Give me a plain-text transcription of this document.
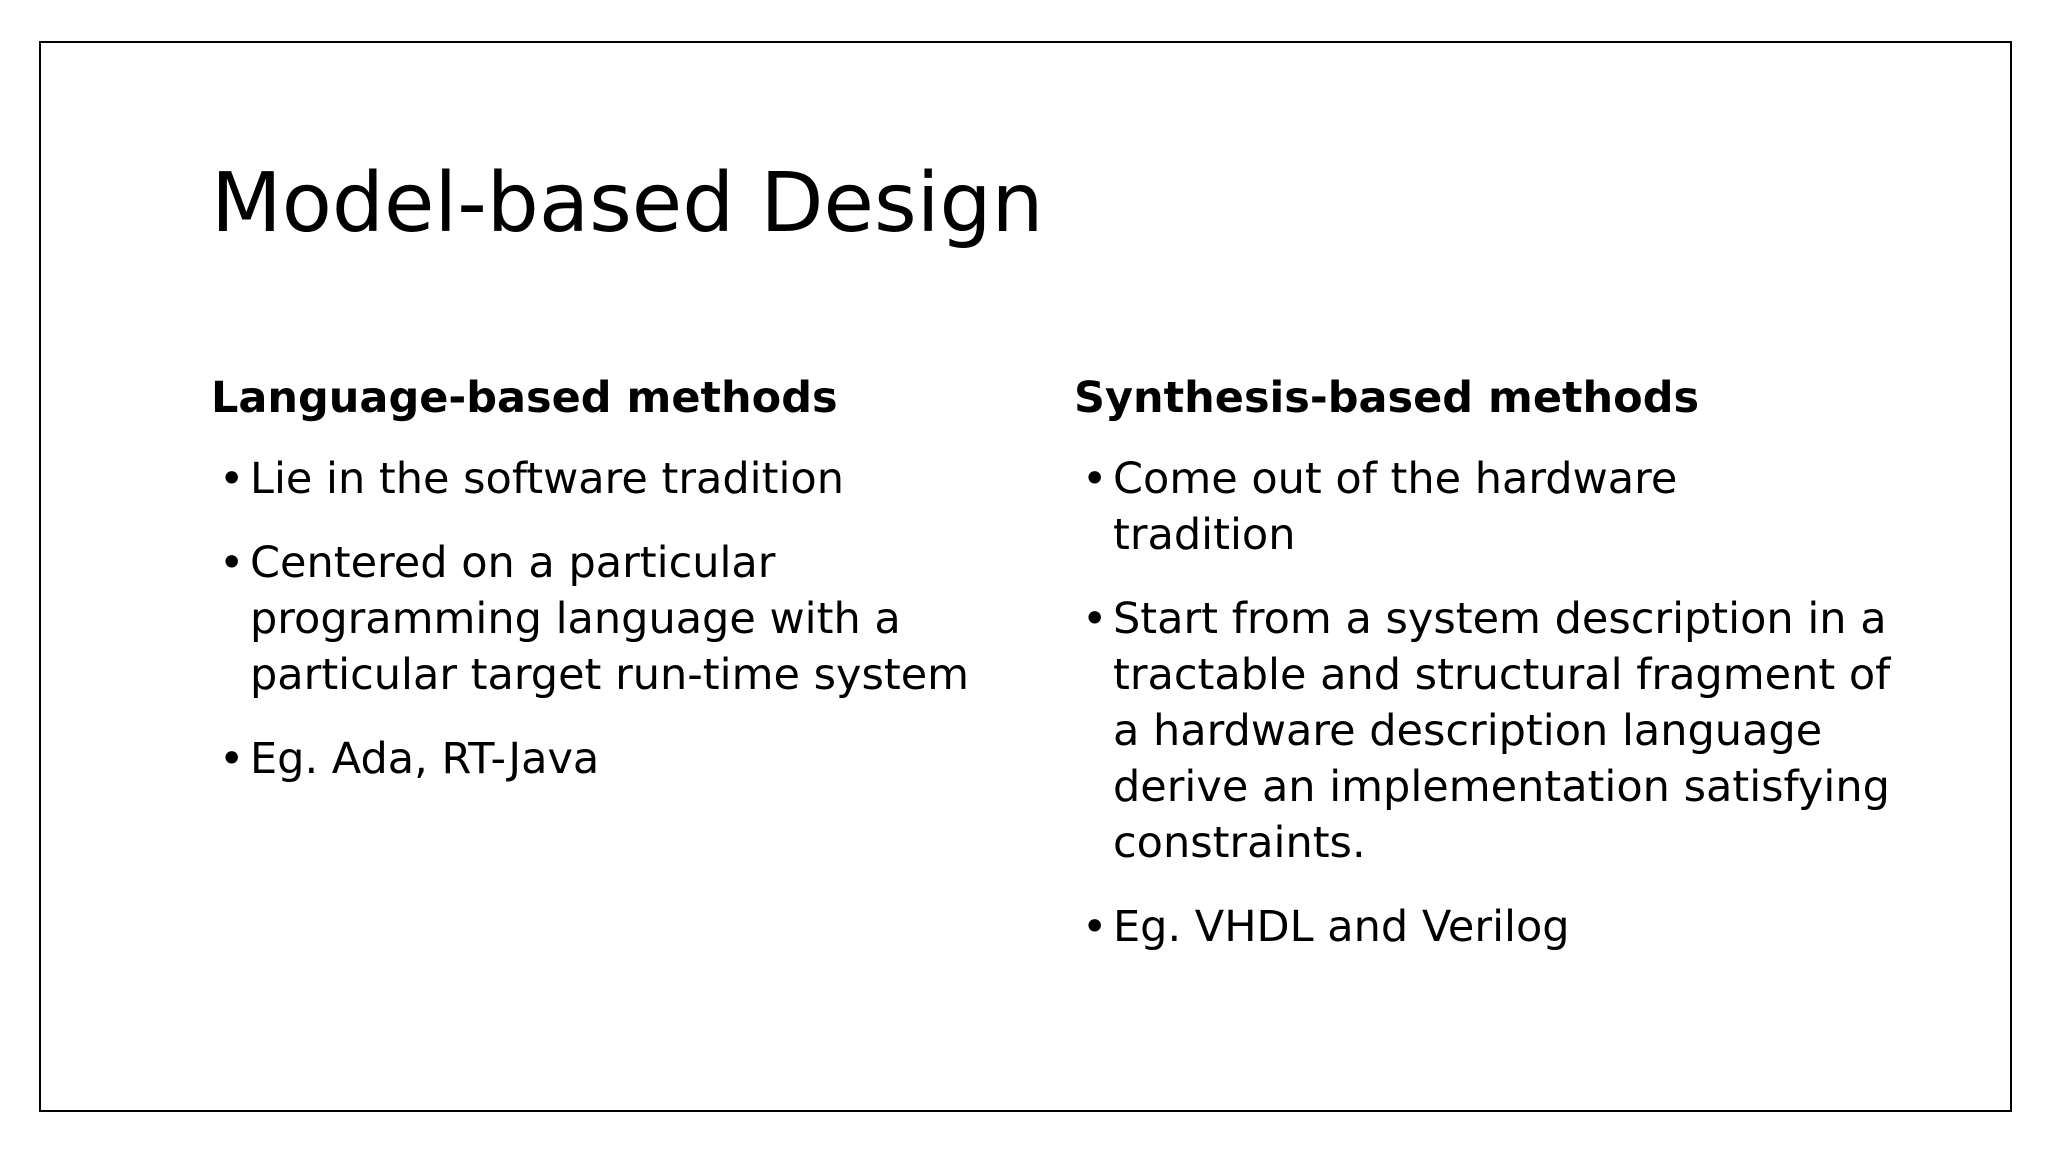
Model-based Design
Language-based methods
• Lie in the software tradition
• Centered on a particular programming language with a particular target run-time system
• Eg. Ada, RT-Java
Synthesis-based methods
• Come out of the hardware tradition
• Start from a system description in a tractable and structural fragment of a hardware description language derive an implementation satisfying constraints.
• Eg. VHDL and Verilog
